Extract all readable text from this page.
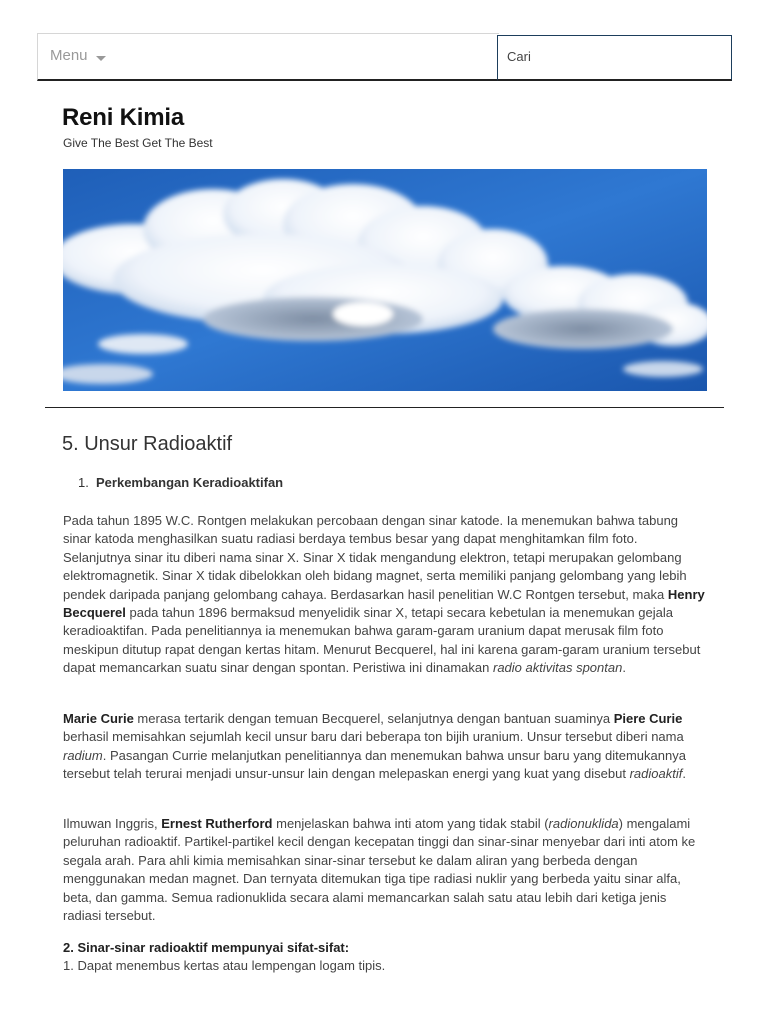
Menu
Cari
Reni Kimia
Give The Best Get The Best
5. Unsur Radioaktif
1. Perkembangan Keradioaktifan

Pada tahun 1895 W.C. Rontgen melakukan percobaan dengan sinar katode. Ia menemukan bahwa tabung sinar katoda menghasilkan suatu radiasi berdaya tembus besar yang dapat menghitamkan film foto. Selanjutnya sinar itu diberi nama sinar X. Sinar X tidak mengandung elektron, tetapi merupakan gelombang elektromagnetik. Sinar X tidak dibelokkan oleh bidang magnet, serta memiliki panjang gelombang yang lebih pendek daripada panjang gelombang cahaya. Berdasarkan hasil penelitian W.C Rontgen tersebut, maka Henry Becquerel pada tahun 1896 bermaksud menyelidik sinar X, tetapi secara kebetulan ia menemukan gejala keradioaktifan. Pada penelitiannya ia menemukan bahwa garam-garam uranium dapat merusak film foto meskipun ditutup rapat dengan kertas hitam. Menurut Becquerel, hal ini karena garam-garam uranium tersebut dapat memancarkan suatu sinar dengan spontan. Peristiwa ini dinamakan radio aktivitas spontan.

Marie Curie merasa tertarik dengan temuan Becquerel, selanjutnya dengan bantuan suaminya Piere Curie berhasil memisahkan sejumlah kecil unsur baru dari beberapa ton bijih uranium. Unsur tersebut diberi nama radium. Pasangan Currie melanjutkan penelitiannya dan menemukan bahwa unsur baru yang ditemukannya tersebut telah terurai menjadi unsur-unsur lain dengan melepaskan energi yang kuat yang disebut radioaktif.

Ilmuwan Inggris, Ernest Rutherford menjelaskan bahwa inti atom yang tidak stabil (radionuklida) mengalami peluruhan radioaktif. Partikel-partikel kecil dengan kecepatan tinggi dan sinar-sinar menyebar dari inti atom ke segala arah. Para ahli kimia memisahkan sinar-sinar tersebut ke dalam aliran yang berbeda dengan menggunakan medan magnet. Dan ternyata ditemukan tiga tipe radiasi nuklir yang berbeda yaitu sinar alfa, beta, dan gamma. Semua radionuklida secara alami memancarkan salah satu atau lebih dari ketiga jenis radiasi tersebut.

2. Sinar-sinar radioaktif mempunyai sifat-sifat:
1. Dapat menembus kertas atau lempengan logam tipis.
